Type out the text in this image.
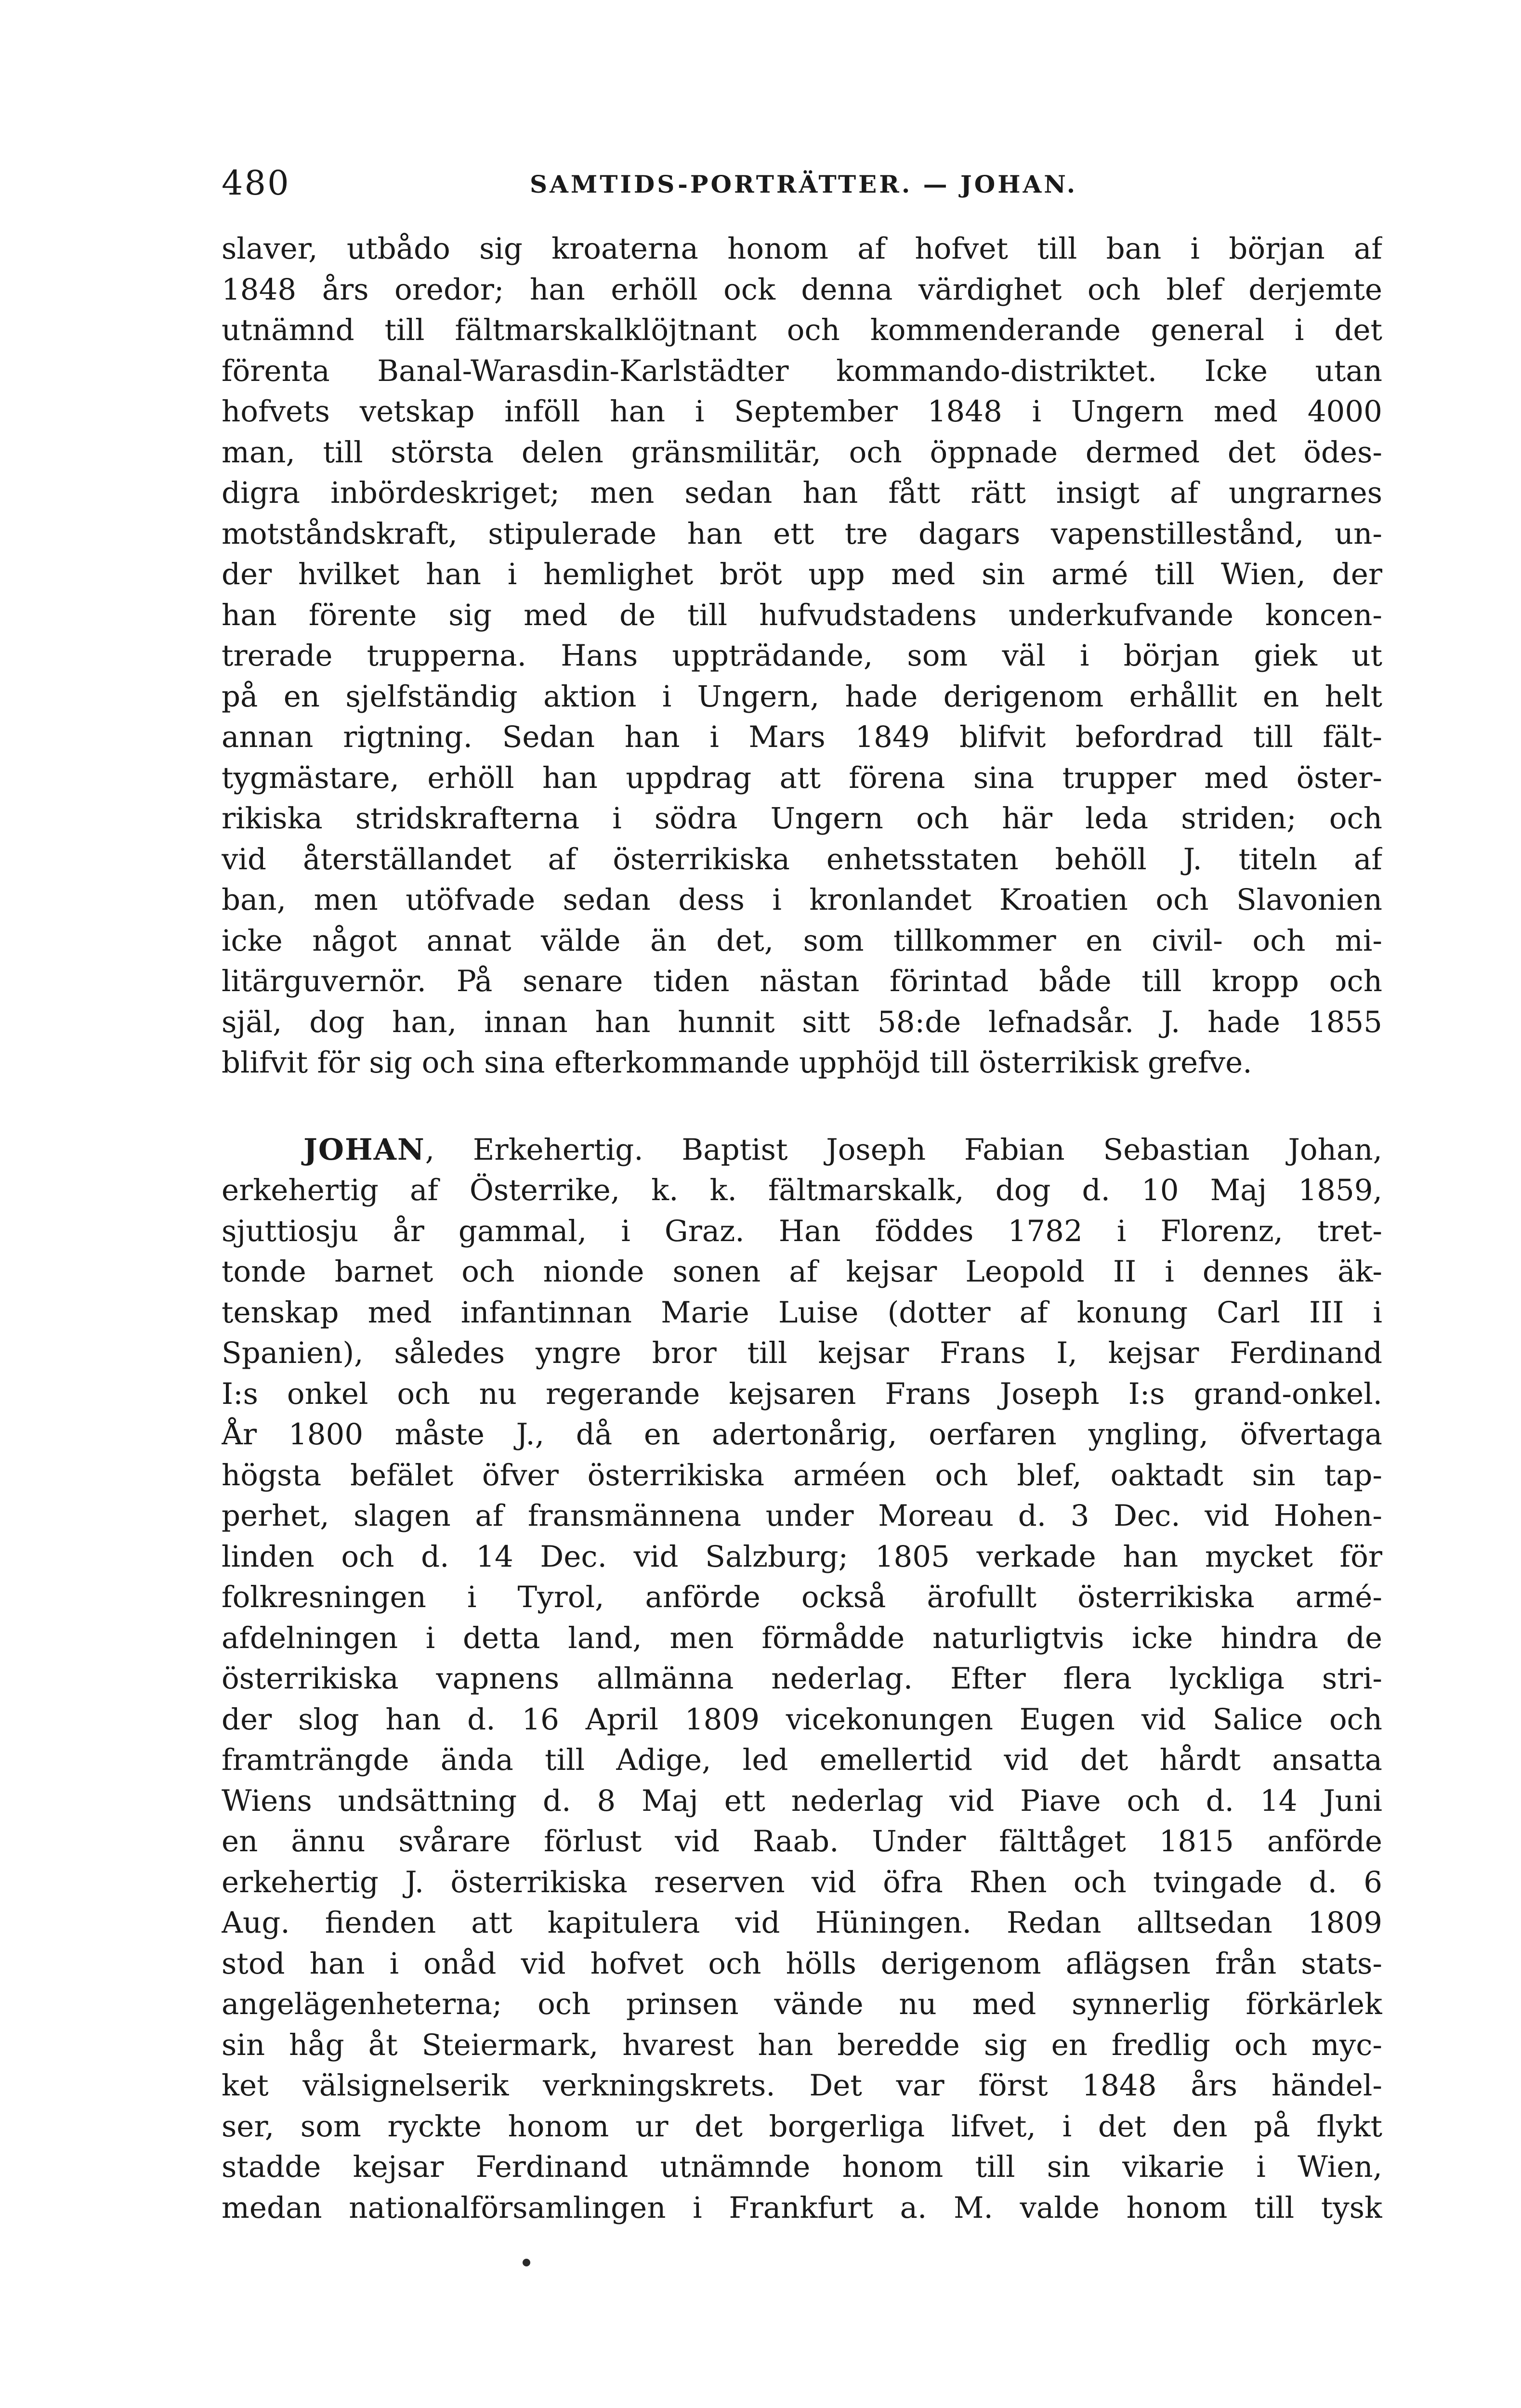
480	SAMTIDS-PORTRÄTTER. — JOHAN.
slaver, utbådo sig kroaterna honom af hofvet till ban i början af
1848 års oredor; han erhöll ock denna värdighet och blef derjemte
utnämnd till fältmarskalklöjtnant och kommenderande general i det
förenta Banal-Warasdin-Karlstädter kommando-distriktet. Icke utan
hofvets vetskap inföll han i September 1848 i Ungern med 4000
man, till största delen gränsmilitär, och öppnade dermed det ödes-
digra inbördeskriget; men sedan han fått rätt insigt af ungrarnes
motståndskraft, stipulerade han ett tre dagars vapenstillestånd, un-
der hvilket han i hemlighet bröt upp med sin armé till Wien, der
han förente sig med de till hufvudstadens underkufvande koncen-
trerade trupperna. Hans uppträdande, som väl i början giek ut
på en sjelfständig aktion i Ungern, hade derigenom erhållit en helt
annan rigtning. Sedan han i Mars 1849 blifvit befordrad till fält-
tygmästare, erhöll han uppdrag att förena sina trupper med öster-
rikiska stridskrafterna i södra Ungern och här leda striden; och
vid återställandet af österrikiska enhetsstaten behöll J. titeln af
ban, men utöfvade sedan dess i kronlandet Kroatien och Slavonien
icke något annat välde än det, som tillkommer en civil- och mi-
litärguvernör. På senare tiden nästan förintad både till kropp och
själ, dog han, innan han hunnit sitt 58:de lefnadsår. J. hade 1855
blifvit för sig och sina efterkommande upphöjd till österrikisk grefve.
JOHAN, Erkehertig. Baptist Joseph Fabian Sebastian Johan,
erkehertig af Österrike, k. k. fältmarskalk, dog d. 10 Maj 1859,
sjuttiosju år gammal, i Graz. Han föddes 1782 i Florenz, tret-
tonde barnet och nionde sonen af kejsar Leopold II i dennes äk-
tenskap med infantinnan Marie Luise (dotter af konung Carl III i
Spanien), således yngre bror till kejsar Frans I, kejsar Ferdinand
I:s onkel och nu regerande kejsaren Frans Joseph I:s grand-onkel.
År 1800 måste J., då en adertonårig, oerfaren yngling, öfvertaga
högsta befälet öfver österrikiska arméen och blef, oaktadt sin tap-
perhet, slagen af fransmännena under Moreau d. 3 Dec. vid Hohen-
linden och d. 14 Dec. vid Salzburg; 1805 verkade han mycket för
folkresningen i Tyrol, anförde också ärofullt österrikiska armé-
afdelningen i detta land, men förmådde naturligtvis icke hindra de
österrikiska vapnens allmänna nederlag. Efter flera lyckliga stri-
der slog han d. 16 April 1809 vicekonungen Eugen vid Salice och
framträngde ända till Adige, led emellertid vid det hårdt ansatta
Wiens undsättning d. 8 Maj ett nederlag vid Piave och d. 14 Juni
en ännu svårare förlust vid Raab. Under fälttåget 1815 anförde
erkehertig J. österrikiska reserven vid öfra Rhen och tvingade d. 6
Aug. fienden att kapitulera vid Hüningen. Redan alltsedan 1809
stod han i onåd vid hofvet och hölls derigenom aflägsen från stats-
angelägenheterna; och prinsen vände nu med synnerlig förkärlek
sin håg åt Steiermark, hvarest han beredde sig en fredlig och myc-
ket välsignelserik verkningskrets. Det var först 1848 års händel-
ser, som ryckte honom ur det borgerliga lifvet, i det den på flykt
stadde kejsar Ferdinand utnämnde honom till sin vikarie i Wien,
medan nationalförsamlingen i Frankfurt a. M. valde honom till tysk
